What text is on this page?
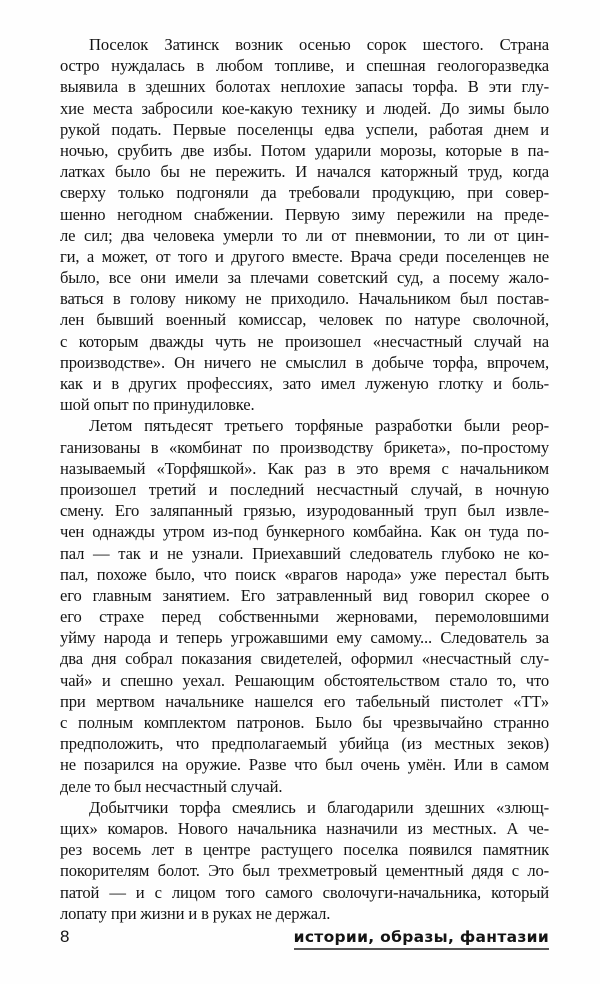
Поселок Затинск возник осенью сорок шестого. Страна
остро нуждалась в любом топливе, и спешная геологоразведка
выявила в здешних болотах неплохие запасы торфа. В эти глу-
хие места забросили кое-какую технику и людей. До зимы было
рукой подать. Первые поселенцы едва успели, работая днем и
ночью, срубить две избы. Потом ударили морозы, которые в па-
латках было бы не пережить. И начался каторжный труд, когда
сверху только подгоняли да требовали продукцию, при совер-
шенно негодном снабжении. Первую зиму пережили на преде-
ле сил; два человека умерли то ли от пневмонии, то ли от цин-
ги, а может, от того и другого вместе. Врача среди поселенцев не
было, все они имели за плечами советский суд, а посему жало-
ваться в голову никому не приходило. Начальником был постав-
лен бывший военный комиссар, человек по натуре сволочной,
с которым дважды чуть не произошел «несчастный случай на
производстве». Он ничего не смыслил в добыче торфа, впрочем,
как и в других профессиях, зато имел луженую глотку и боль-
шой опыт по принудиловке.
Летом пятьдесят третьего торфяные разработки были реор-
ганизованы в «комбинат по производству брикета», по-простому
называемый «Торфяшкой». Как раз в это время с начальником
произошел третий и последний несчастный случай, в ночную
смену. Его заляпанный грязью, изуродованный труп был извле-
чен однажды утром из-под бункерного комбайна. Как он туда по-
пал — так и не узнали. Приехавший следователь глубоко не ко-
пал, похоже было, что поиск «врагов народа» уже перестал быть
его главным занятием. Его затравленный вид говорил скорее о
его страхе перед собственными жерновами, перемоловшими
уйму народа и теперь угрожавшими ему самому... Следователь за
два дня собрал показания свидетелей, оформил «несчастный слу-
чай» и спешно уехал. Решающим обстоятельством стало то, что
при мертвом начальнике нашелся его табельный пистолет «ТТ»
с полным комплектом патронов. Было бы чрезвычайно странно
предположить, что предполагаемый убийца (из местных зеков)
не позарился на оружие. Разве что был очень умён. Или в самом
деле то был несчастный случай.
Добытчики торфа смеялись и благодарили здешних «злющ-
щих» комаров. Нового начальника назначили из местных. А че-
рез восемь лет в центре растущего поселка появился памятник
покорителям болот. Это был трехметровый цементный дядя с ло-
патой — и с лицом того самого сволочуги-начальника, который
лопату при жизни и в руках не держал.
8	истории, образы, фантазии
